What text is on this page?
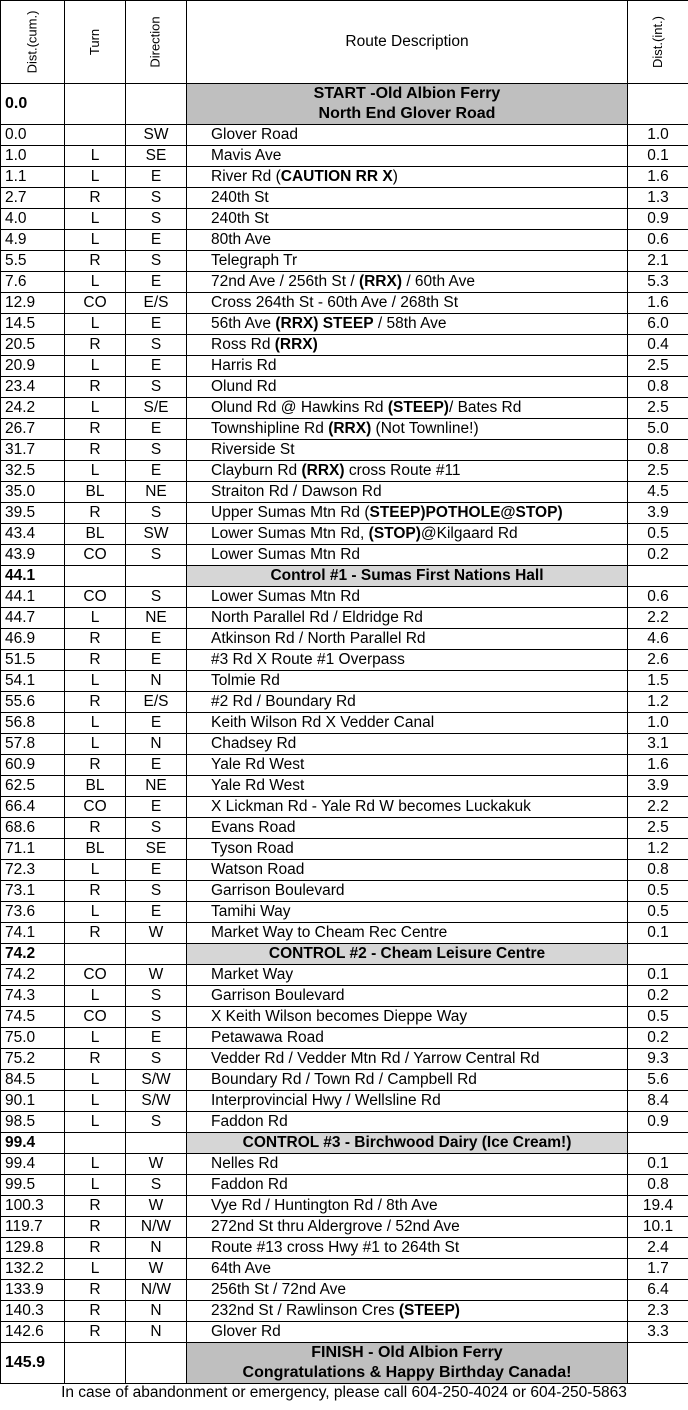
Dist.(cum.)	Turn	Direction	Route Description	Dist.(int.)

0.0			START -Old Albion Ferry
North End Glover Road	
0.0		SW	Glover Road	1.0
1.0	L	SE	Mavis Ave	0.1
1.1	L	E	River Rd (CAUTION RR X)	1.6
2.7	R	S	240th St	1.3
4.0	L	S	240th St	0.9
4.9	L	E	80th Ave	0.6
5.5	R	S	Telegraph Tr	2.1
7.6	L	E	72nd Ave / 256th St / (RRX) / 60th Ave	5.3
12.9	CO	E/S	Cross 264th St - 60th Ave / 268th St	1.6
14.5	L	E	56th Ave (RRX) STEEP / 58th Ave	6.0
20.5	R	S	Ross Rd (RRX)	0.4
20.9	L	E	Harris Rd	2.5
23.4	R	S	Olund Rd	0.8
24.2	L	S/E	Olund Rd @ Hawkins Rd (STEEP)/ Bates Rd	2.5
26.7	R	E	Townshipline Rd (RRX) (Not Townline!)	5.0
31.7	R	S	Riverside St	0.8
32.5	L	E	Clayburn Rd (RRX) cross Route #11	2.5
35.0	BL	NE	Straiton Rd / Dawson Rd	4.5
39.5	R	S	Upper Sumas Mtn Rd (STEEP)POTHOLE@STOP)	3.9
43.4	BL	SW	Lower Sumas Mtn Rd, (STOP)@Kilgaard Rd	0.5
43.9	CO	S	Lower Sumas Mtn Rd	0.2
44.1			Control #1 - Sumas First Nations Hall	
44.1	CO	S	Lower Sumas Mtn Rd	0.6
44.7	L	NE	North Parallel Rd / Eldridge Rd	2.2
46.9	R	E	Atkinson Rd / North Parallel Rd	4.6
51.5	R	E	#3 Rd X Route #1 Overpass	2.6
54.1	L	N	Tolmie Rd	1.5
55.6	R	E/S	#2 Rd / Boundary Rd	1.2
56.8	L	E	Keith Wilson Rd X Vedder Canal	1.0
57.8	L	N	Chadsey Rd	3.1
60.9	R	E	Yale Rd West	1.6
62.5	BL	NE	Yale Rd West	3.9
66.4	CO	E	X Lickman Rd - Yale Rd W becomes Luckakuk	2.2
68.6	R	S	Evans Road	2.5
71.1	BL	SE	Tyson Road	1.2
72.3	L	E	Watson Road	0.8
73.1	R	S	Garrison Boulevard	0.5
73.6	L	E	Tamihi Way	0.5
74.1	R	W	Market Way to Cheam Rec Centre	0.1
74.2			CONTROL #2 - Cheam Leisure Centre	
74.2	CO	W	Market Way	0.1
74.3	L	S	Garrison Boulevard	0.2
74.5	CO	S	X Keith Wilson becomes Dieppe Way	0.5
75.0	L	E	Petawawa Road	0.2
75.2	R	S	Vedder Rd / Vedder Mtn Rd / Yarrow Central Rd	9.3
84.5	L	S/W	Boundary Rd / Town Rd / Campbell Rd	5.6
90.1	L	S/W	Interprovincial Hwy / Wellsline Rd	8.4
98.5	L	S	Faddon Rd	0.9
99.4			CONTROL #3 - Birchwood Dairy (Ice Cream!)	
99.4	L	W	Nelles Rd	0.1
99.5	L	S	Faddon Rd	0.8
100.3	R	W	Vye Rd / Huntington Rd / 8th Ave	19.4
119.7	R	N/W	272nd St thru Aldergrove / 52nd Ave	10.1
129.8	R	N	Route #13 cross Hwy #1 to 264th St	2.4
132.2	L	W	64th Ave	1.7
133.9	R	N/W	256th St / 72nd Ave	6.4
140.3	R	N	232nd St / Rawlinson Cres (STEEP)	2.3
142.6	R	N	Glover Rd	3.3
145.9			FINISH - Old Albion Ferry
Congratulations & Happy Birthday Canada!	
In case of abandonment or emergency, please call 604-250-4024 or 604-250-5863
